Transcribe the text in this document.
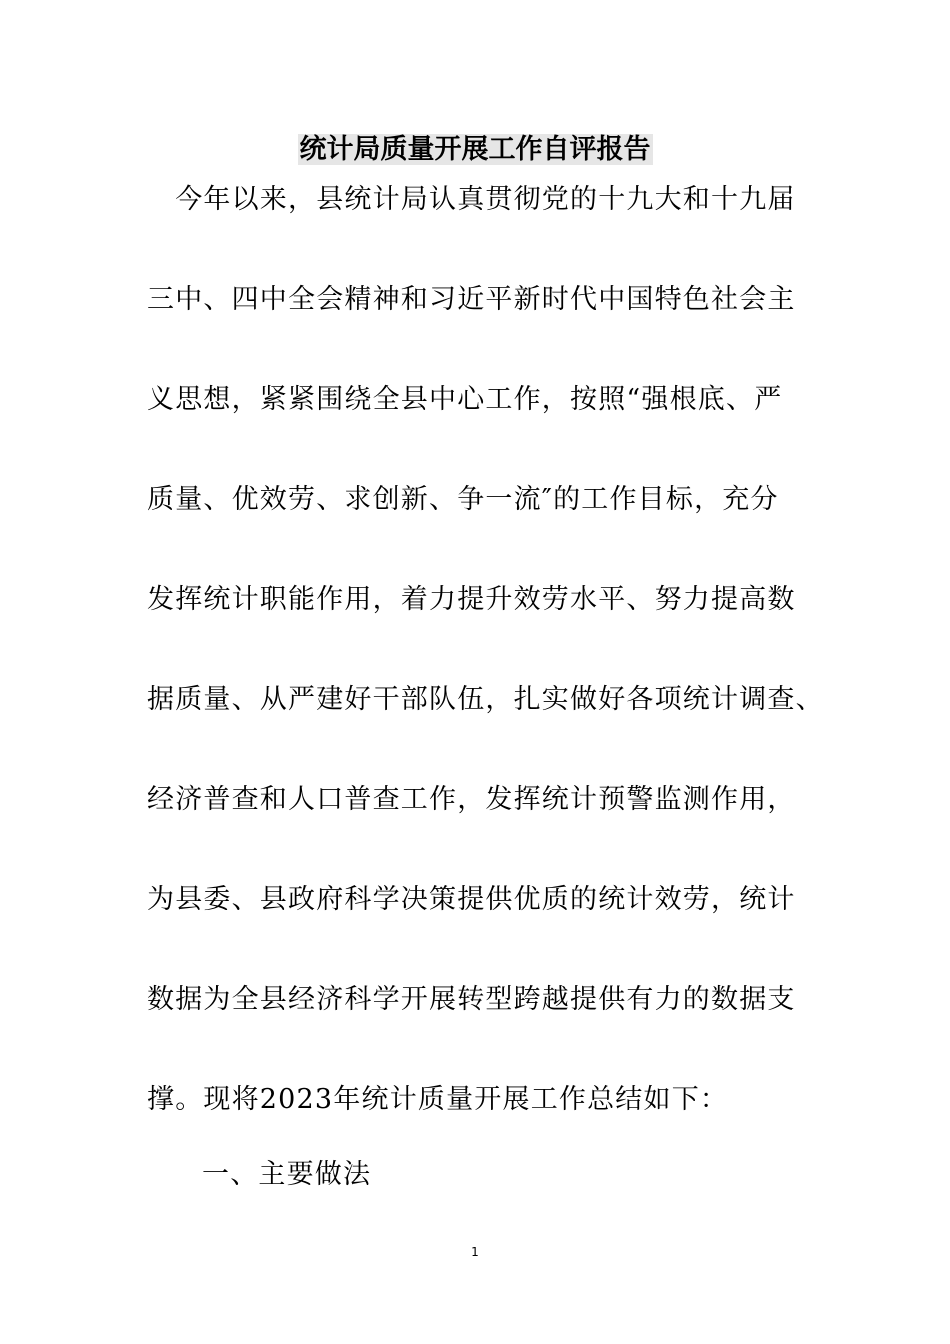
统计局质量开展工作自评报告
　今年以来，县统计局认真贯彻党的十九大和十九届
三中、四中全会精神和习近平新时代中国特色社会主
义思想，紧紧围绕全县中心工作，按照“强根底、严
质量、优效劳、求创新、争一流″的工作目标，充分
发挥统计职能作用，着力提升效劳水平、努力提高数
据质量、从严建好干部队伍，扎实做好各项统计调查、
经济普查和人口普查工作，发挥统计预警监测作用，
为县委、县政府科学决策提供优质的统计效劳，统计
数据为全县经济科学开展转型跨越提供有力的数据支
撑。现将2023年统计质量开展工作总结如下：
一、主要做法
1
